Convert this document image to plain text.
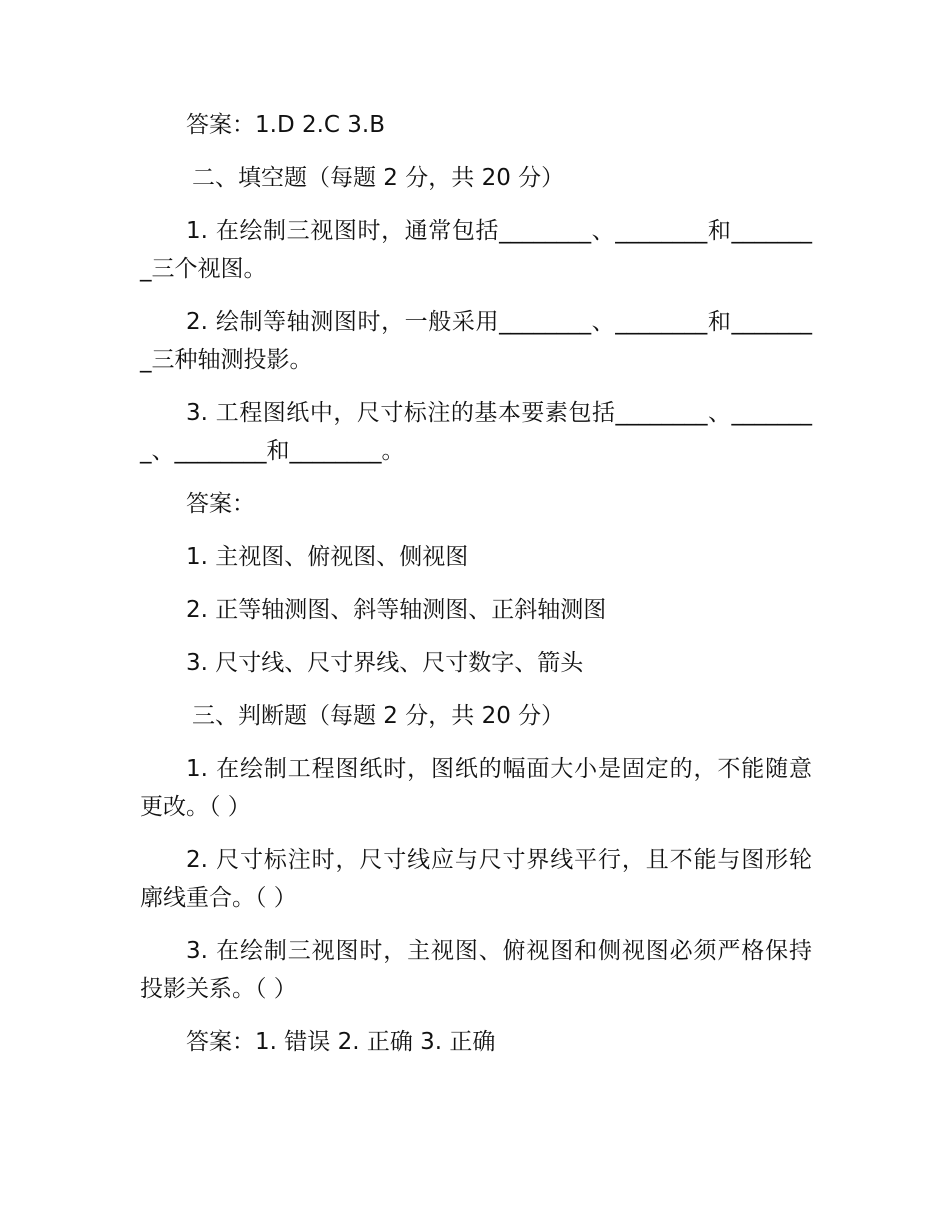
答案：1.D 2.C 3.B

二、填空题（每题 2 分，共 20 分）

1. 在绘制三视图时，通常包括________、________和________三个视图。

2. 绘制等轴测图时，一般采用________、________和________三种轴测投影。

3. 工程图纸中，尺寸标注的基本要素包括________、________、________和________。

答案：

1. 主视图、俯视图、侧视图

2. 正等轴测图、斜等轴测图、正斜轴测图

3. 尺寸线、尺寸界线、尺寸数字、箭头

三、判断题（每题 2 分，共 20 分）

1. 在绘制工程图纸时，图纸的幅面大小是固定的，不能随意更改。（ ）

2. 尺寸标注时，尺寸线应与尺寸界线平行，且不能与图形轮廓线重合。（ ）

3. 在绘制三视图时，主视图、俯视图和侧视图必须严格保持投影关系。（ ）

答案：1. 错误 2. 正确 3. 正确
